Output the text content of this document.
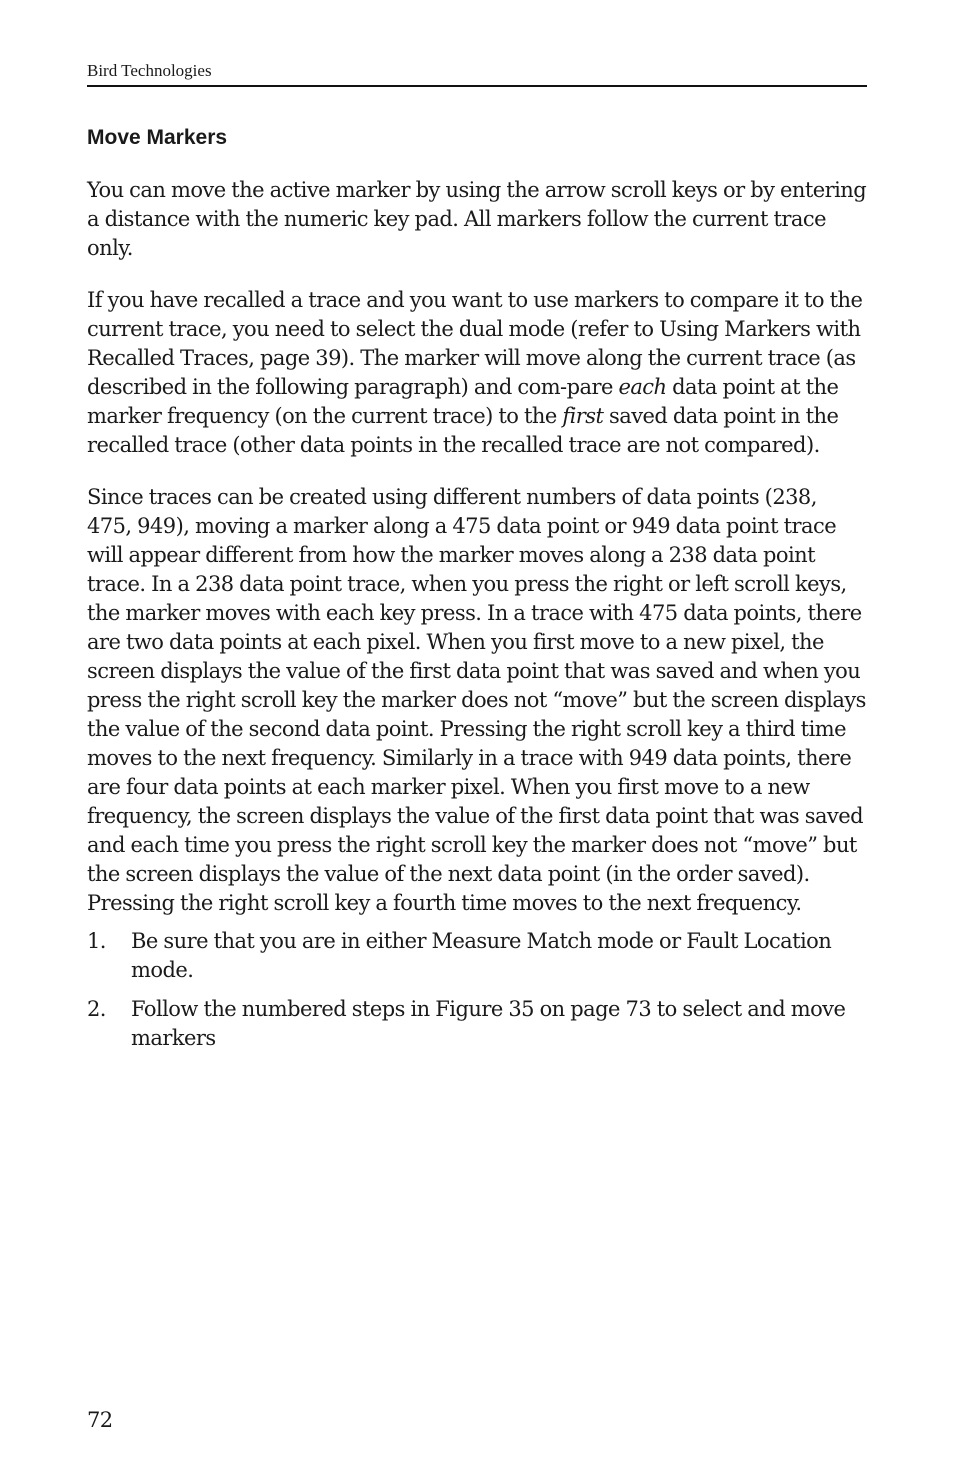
Bird Technologies
Move Markers

You can move the active marker by using the arrow scroll keys or by entering a distance with the numeric key pad. All markers follow the current trace only.

If you have recalled a trace and you want to use markers to compare it to the current trace, you need to select the dual mode (refer to Using Markers with Recalled Traces, page 39). The marker will move along the current trace (as described in the following paragraph) and com-pare each data point at the marker frequency (on the current trace) to the first saved data point in the recalled trace (other data points in the recalled trace are not compared).

Since traces can be created using different numbers of data points (238, 475, 949), moving a marker along a 475 data point or 949 data point trace will appear different from how the marker moves along a 238 data point trace. In a 238 data point trace, when you press the right or left scroll keys, the marker moves with each key press. In a trace with 475 data points, there are two data points at each pixel. When you first move to a new pixel, the screen displays the value of the first data point that was saved and when you press the right scroll key the marker does not “move” but the screen displays the value of the second data point. Pressing the right scroll key a third time moves to the next frequency. Similarly in a trace with 949 data points, there are four data points at each marker pixel. When you first move to a new frequency, the screen displays the value of the first data point that was saved and each time you press the right scroll key the marker does not “move” but the screen displays the value of the next data point (in the order saved). Pressing the right scroll key a fourth time moves to the next frequency.

1. Be sure that you are in either Measure Match mode or Fault Location mode.
2. Follow the numbered steps in Figure 35 on page 73 to select and move markers
72
